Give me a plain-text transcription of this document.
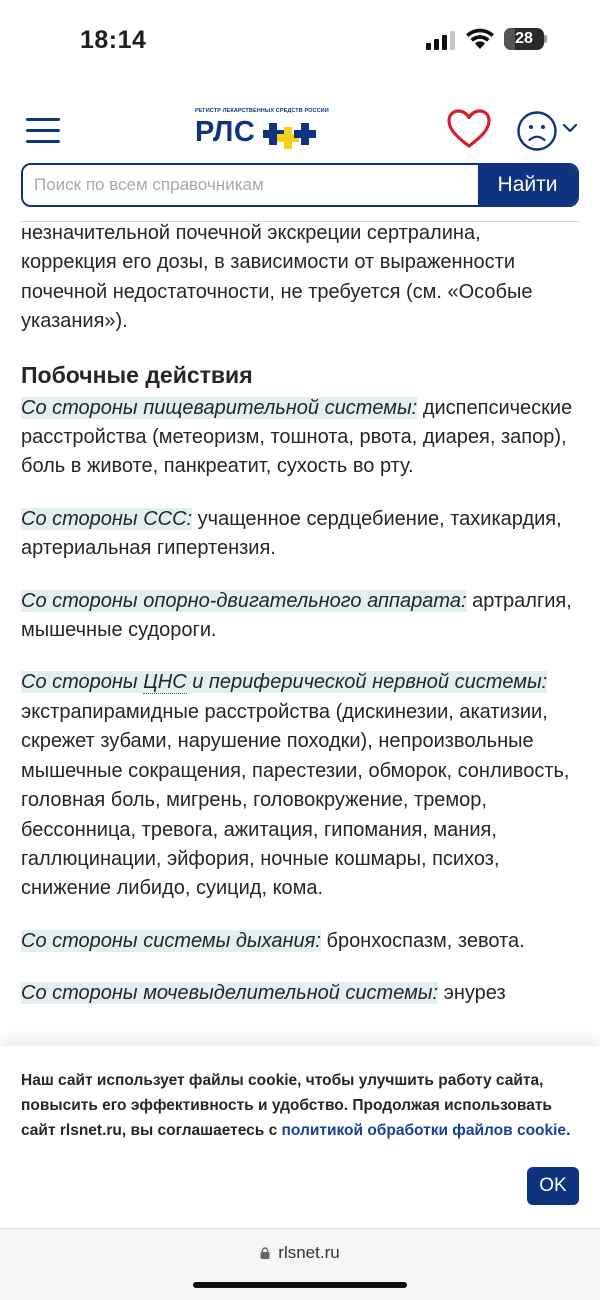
18:14	28
РЕГИСТР ЛЕКАРСТВЕННЫХ СРЕДСТВ РОССИИ
РЛС
Поиск по всем справочникам
Найти

незначительной почечной экскреции сертралина, коррекция его дозы, в зависимости от выраженности почечной недостаточности, не требуется (см. «Особые указания»).

Побочные действия

Со стороны пищеварительной системы: диспепсические расстройства (метеоризм, тошнота, рвота, диарея, запор), боль в животе, панкреатит, сухость во рту.

Со стороны ССС: учащенное сердцебиение, тахикардия, артериальная гипертензия.

Со стороны опорно-двигательного аппарата: артралгия, мышечные судороги.

Со стороны ЦНС и периферической нервной системы: экстрапирамидные расстройства (дискинезии, акатизии, скрежет зубами, нарушение походки), непроизвольные мышечные сокращения, парестезии, обморок, сонливость, головная боль, мигрень, головокружение, тремор, бессонница, тревога, ажитация, гипомания, мания, галлюцинации, эйфория, ночные кошмары, психоз, снижение либидо, суицид, кома.

Со стороны системы дыхания: бронхоспазм, зевота.

Со стороны мочевыделительной системы: энурез

Наш сайт использует файлы cookie, чтобы улучшить работу сайта, повысить его эффективность и удобство. Продолжая использовать сайт rlsnet.ru, вы соглашаетесь с политикой обработки файлов cookie.
OK
rlsnet.ru
